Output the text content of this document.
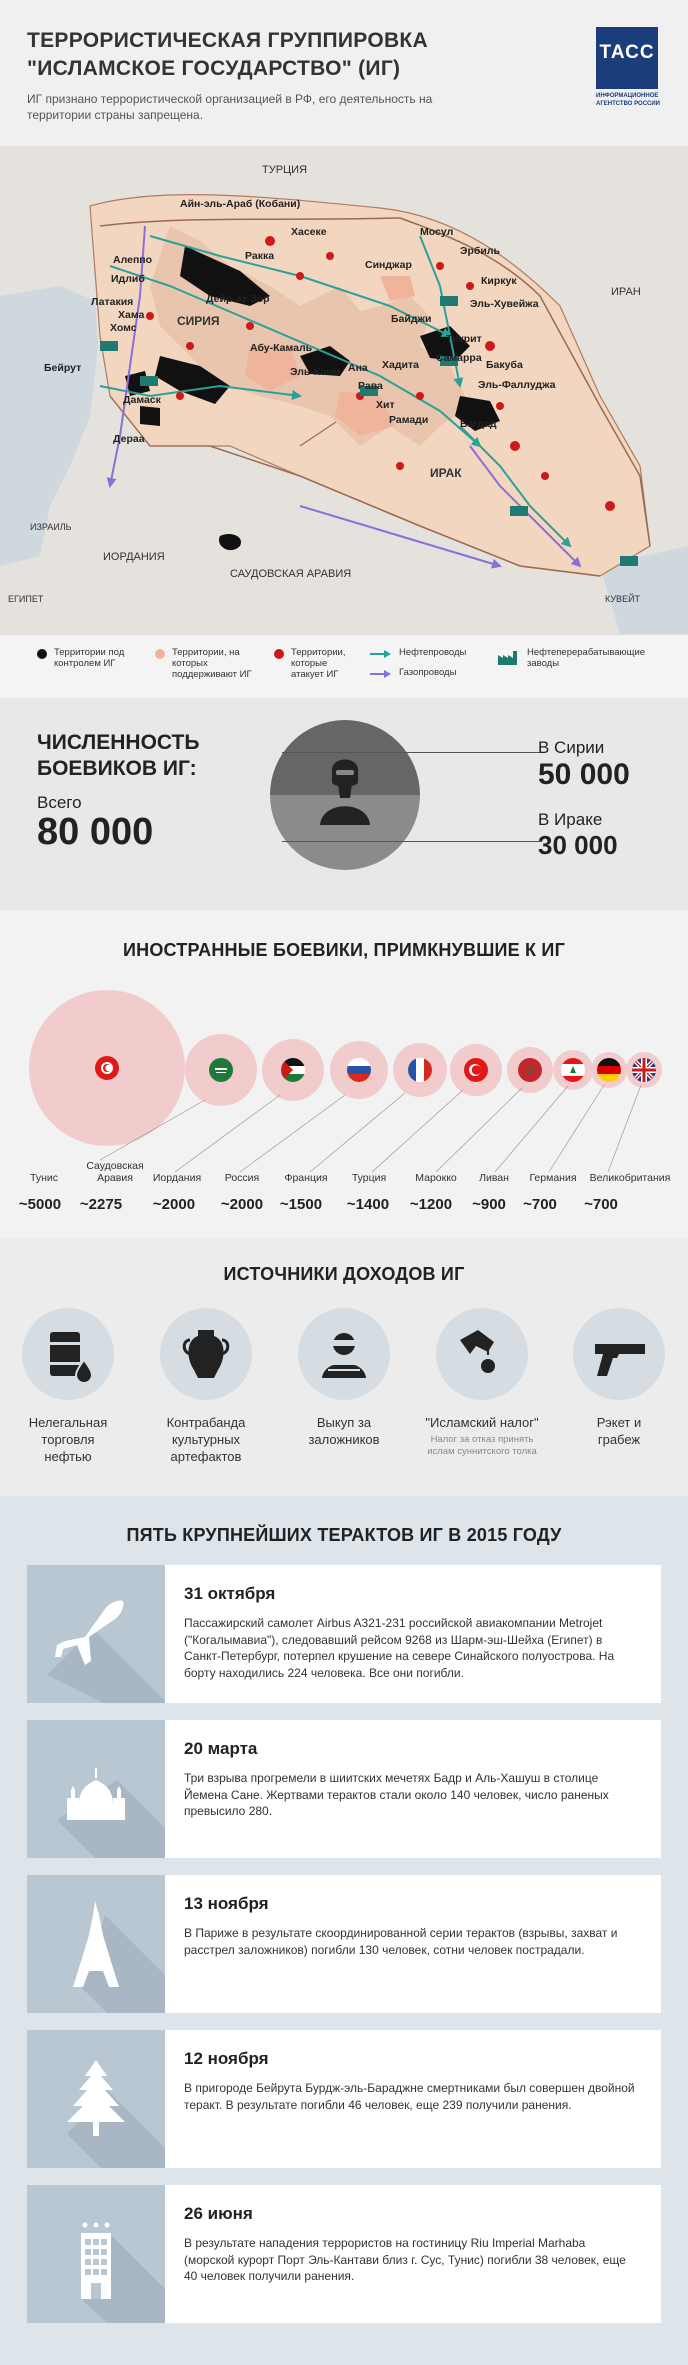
ТЕРРОРИСТИЧЕСКАЯ ГРУППИРОВКА
"ИСЛАМСКОЕ ГОСУДАРСТВО" (ИГ)
ИГ признано террористической организацией в РФ, его деятельность на территории страны запрещена.
ТАСС
ИНФОРМАЦИОННОЕ АГЕНТСТВО РОССИИ
ТУРЦИЯ
СИРИЯ
ИРАН
ИРАК
ИОРДАНИЯ
САУДОВСКАЯ АРАВИЯ
ИЗРАИЛЬ
ЕГИПЕТ	КУВЕЙТ
Айн-эль-Араб (Кобани)
Хасеке	Мосул
Эрбиль
Ракка
Алеппо
Идлиб
Синджар
Киркук
Дейр-эз-Зор
Латакия
Байджи
Эль-Хувейжа
Хама
Тикрит
Хомс
Абу-Камаль
Самарра
Бакуба
Бейрут
Эль-Фаллуджа
Ана Хадита
Рава
Эль-Каим
Хит
Дамаск
Рамади	Багдад
Дераа
Территории под контролем ИГ
Территории, на которых поддерживают ИГ
Территории, которые атакует ИГ
Нефтепроводы
Газопроводы
Нефтеперерабатывающие заводы
ЧИСЛЕННОСТЬ БОЕВИКОВ ИГ:
Всего
80 000
В Сирии
50 000
В Ираке
30 000
ИНОСТРАННЫЕ БОЕВИКИ, ПРИМКНУВШИЕ К ИГ
Тунис
~5000
Саудовская Аравия
~2275
Иордания
~2000
Россия
~2000
Франция
~1500
Турция
~1400
Марокко
~1200
Ливан
~900
Германия
~700
Великобритания
~700
ИСТОЧНИКИ ДОХОДОВ ИГ
Нелегальная торговля нефтью
Контрабанда культурных артефактов
Выкуп за заложников
"Исламский налог"
Налог за отказ принять ислам суннитского толка
Рэкет и грабеж
ПЯТЬ КРУПНЕЙШИХ ТЕРАКТОВ ИГ В 2015 ГОДУ
31 октября
Пассажирский самолет Airbus A321-231 российской авиакомпании Metrojet ("Когалымавиа"), следовавший рейсом 9268 из Шарм-эш-Шейха (Египет) в Санкт-Петербург, потерпел крушение на севере Синайского полуострова. На борту находились 224 человека. Все они погибли.
20 марта
Три взрыва прогремели в шиитских мечетях Бадр и Аль-Хашуш в столице Йемена Сане. Жертвами терактов стали около 140 человек, число раненых превысило 280.
13 ноября
В Париже в результате скоординированной серии терактов (взрывы, захват и расстрел заложников) погибли 130 человек, сотни человек пострадали.
12 ноября
В пригороде Бейрута Бурдж-эль-Бараджне смертниками был совершен двойной теракт. В результате погибли 46 человек, еще 239 получили ранения.
26 июня
В результате нападения террористов на гостиницу Riu Imperial Marhaba (морской курорт Порт Эль-Кантави близ г. Сус, Тунис) погибли 38 человек, еще 40 человек получили ранения.
